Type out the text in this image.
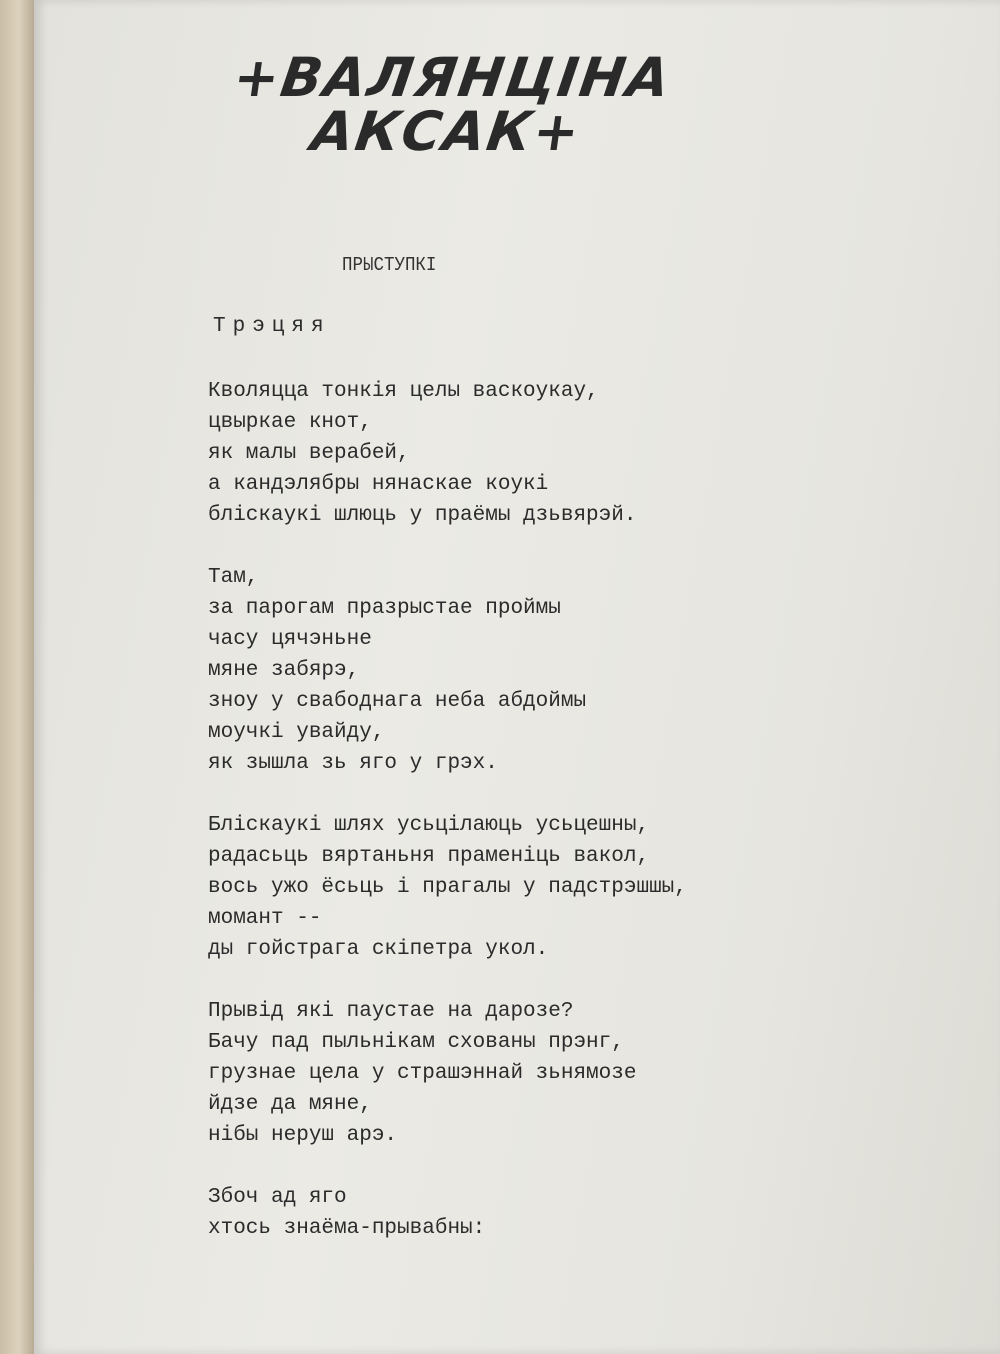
+ВАЛЯНЦІНА
АКСАК+
ПРЫСТУПКІ
Трэцяя
Кволяцца тонкія целы васкоукау,
цвыркае кнот,
як малы верабей,
а кандэлябры нянаскае коукі
бліскаукі шлюць у праёмы дзьвярэй.
Там,
за парогам празрыстае проймы
часу цячэньне
мяне забярэ,
зноу у свабоднага неба абдоймы
моучкі увайду,
як зышла зь яго у грэх.
Бліскаукі шлях усьцілаюць усьцешны,
радасьць вяртаньня праменіць вакол,
вось ужо ёсьць і прагалы у падстрэшшы,
момант --
ды гойстрага скіпетра укол.
Прывід які паустае на дарозе?
Бачу пад пыльнікам схованы прэнг,
грузнае цела у страшэннай зьнямозе
йдзе да мяне,
нібы неруш арэ.
Збоч ад яго
хтось знаёма-прывабны:
